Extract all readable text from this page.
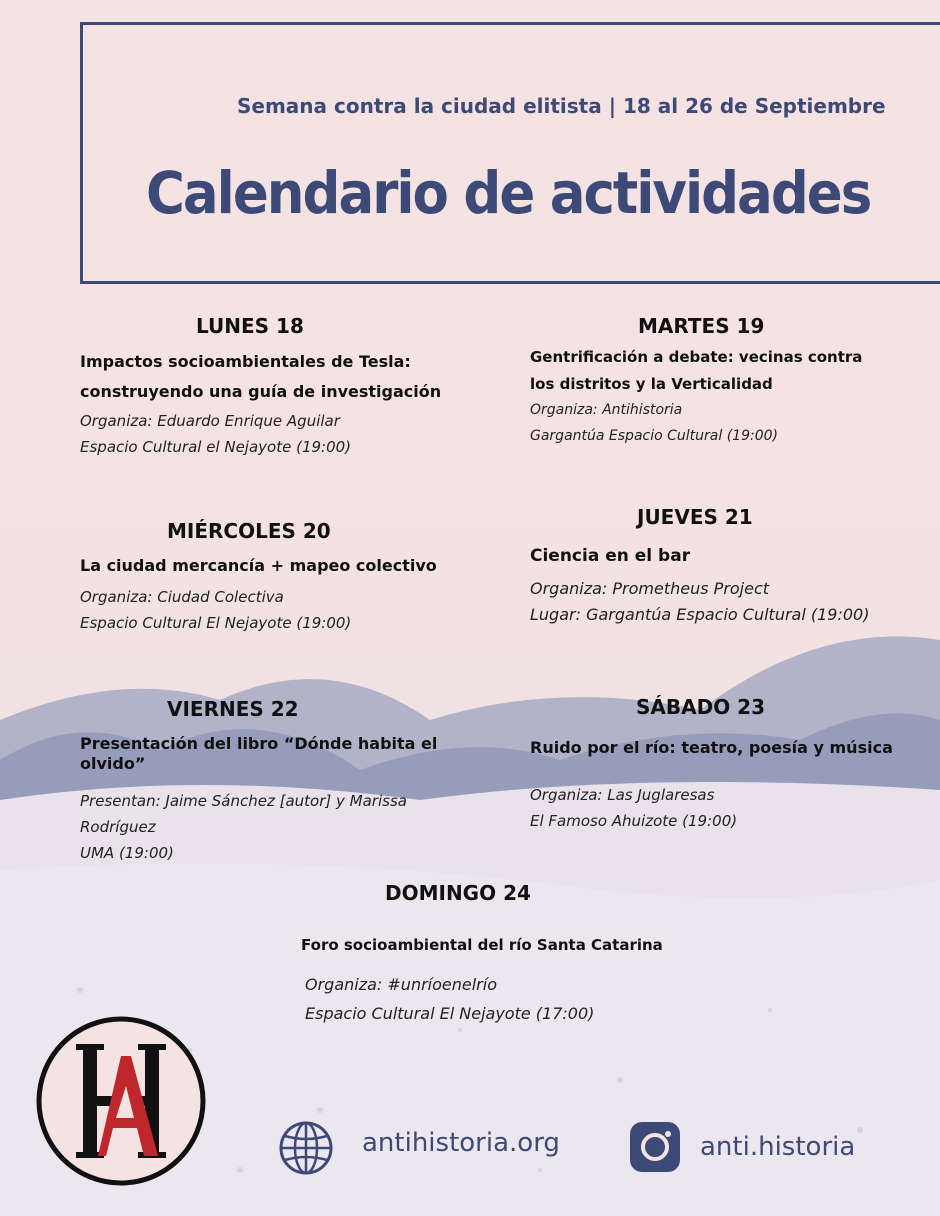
Semana contra la ciudad elitista | 18 al 26 de Septiembre
Calendario de actividades
LUNES 18
Impactos socioambientales de Tesla:
construyendo una guía de investigación
Organiza: Eduardo Enrique Aguilar
Espacio Cultural el Nejayote (19:00)
MARTES 19
Gentrificación a debate: vecinas contra
los distritos y la Verticalidad
Organiza: Antihistoria
Gargantúa Espacio Cultural (19:00)
MIÉRCOLES 20
La ciudad mercancía + mapeo colectivo
Organiza: Ciudad Colectiva
Espacio Cultural El Nejayote (19:00)
JUEVES 21
Ciencia en el bar
Organiza: Prometheus Project
Lugar: Gargantúa Espacio Cultural (19:00)
VIERNES 22
Presentación del libro “Dónde habita el
olvido”
Presentan: Jaime Sánchez [autor] y Marissa
Rodríguez
UMA (19:00)
SÁBADO 23
Ruido por el río: teatro, poesía y música
Organiza: Las Juglaresas
El Famoso Ahuizote (19:00)
DOMINGO 24
Foro socioambiental del río Santa Catarina
Organiza: #unríoenelrío
Espacio Cultural El Nejayote (17:00)
antihistoria.org	anti.historia
